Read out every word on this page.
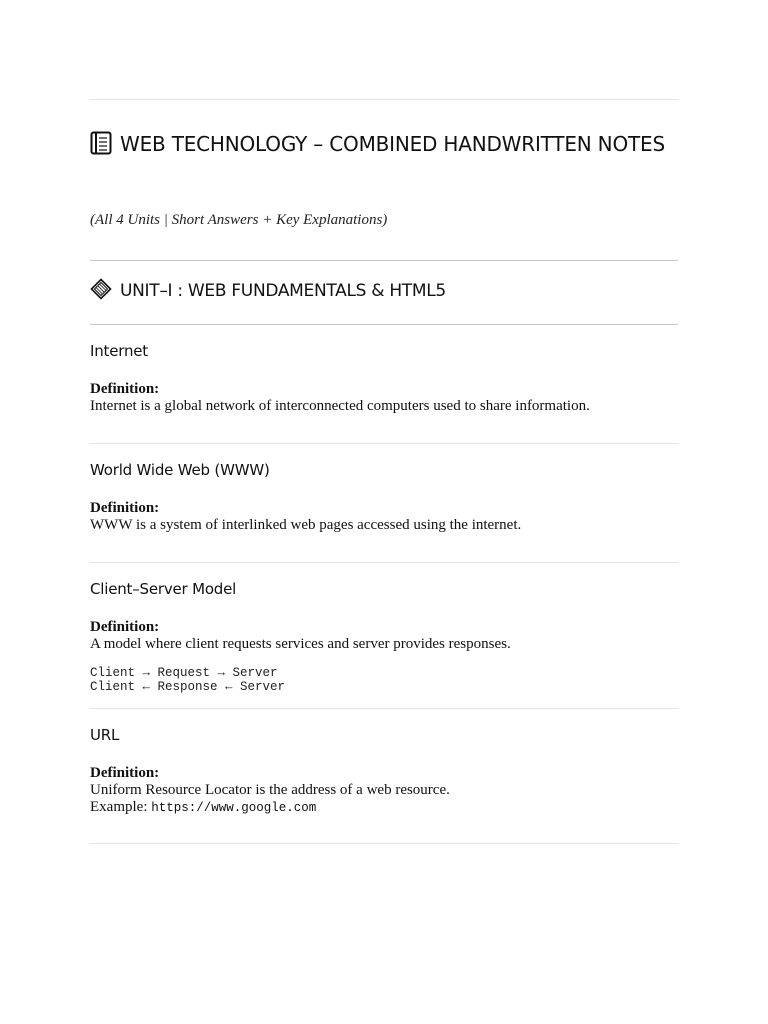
WEB TECHNOLOGY – COMBINED HANDWRITTEN NOTES

(All 4 Units | Short Answers + Key Explanations)

UNIT–I : WEB FUNDAMENTALS & HTML5
Internet

Definition:

Internet is a global network of interconnected computers used to share information.

World Wide Web (WWW)

Definition:

WWW is a system of interlinked web pages accessed using the internet.

Client–Server Model

Definition:

A model where client requests services and server provides responses.

Client → Request → Server

Client ← Response ← Server

URL

Definition:

Uniform Resource Locator is the address of a web resource.

Example: https://www.google.com
